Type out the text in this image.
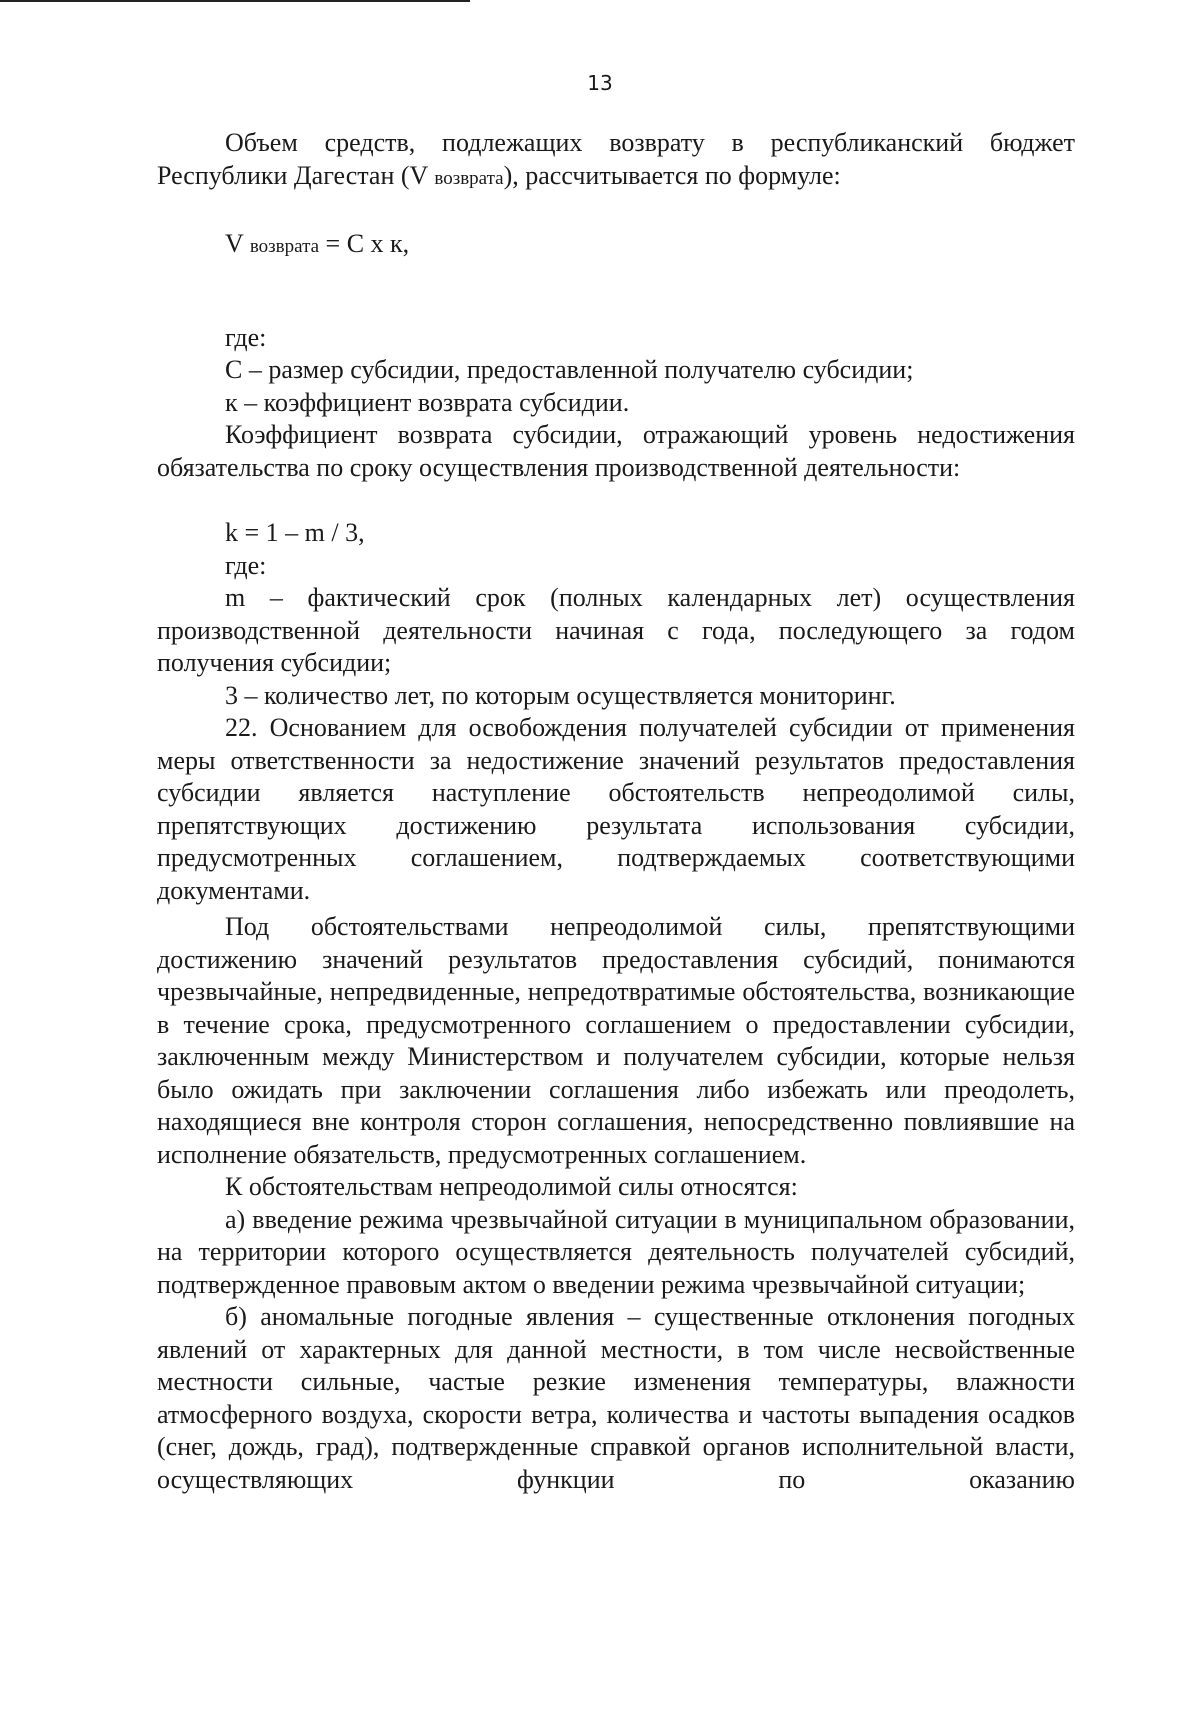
13

Объем средств, подлежащих возврату в республиканский бюджет Республики Дагестан (V возврата), рассчитывается по формуле:

V возврата = С х к,

где:

С – размер субсидии, предоставленной получателю субсидии;

к – коэффициент возврата субсидии.

Коэффициент возврата субсидии, отражающий уровень недостижения обязательства по сроку осуществления производственной деятельности:

k = 1 – m / 3,

где:

m – фактический срок (полных календарных лет) осуществления производственной деятельности начиная с года, последующего за годом получения субсидии;

3 – количество лет, по которым осуществляется мониторинг.

22. Основанием для освобождения получателей субсидии от применения меры ответственности за недостижение значений результатов предоставления субсидии является наступление обстоятельств непреодолимой силы, препятствующих достижению результата использования субсидии, предусмотренных соглашением, подтверждаемых соответствующими документами.

Под обстоятельствами непреодолимой силы, препятствующими достижению значений результатов предоставления субсидий, понимаются чрезвычайные, непредвиденные, непредотвратимые обстоятельства, возникающие в течение срока, предусмотренного соглашением о предоставлении субсидии, заключенным между Министерством и получателем субсидии, которые нельзя было ожидать при заключении соглашения либо избежать или преодолеть, находящиеся вне контроля сторон соглашения, непосредственно повлиявшие на исполнение обязательств, предусмотренных соглашением.

К обстоятельствам непреодолимой силы относятся:

а) введение режима чрезвычайной ситуации в муниципальном образовании, на территории которого осуществляется деятельность получателей субсидий, подтвержденное правовым актом о введении режима чрезвычайной ситуации;

б) аномальные погодные явления – существенные отклонения погодных явлений от характерных для данной местности, в том числе несвойственные местности сильные, частые резкие изменения температуры, влажности атмосферного воздуха, скорости ветра, количества и частоты выпадения осадков (снег, дождь, град), подтвержденные справкой органов исполнительной власти, осуществляющих функции по оказанию
